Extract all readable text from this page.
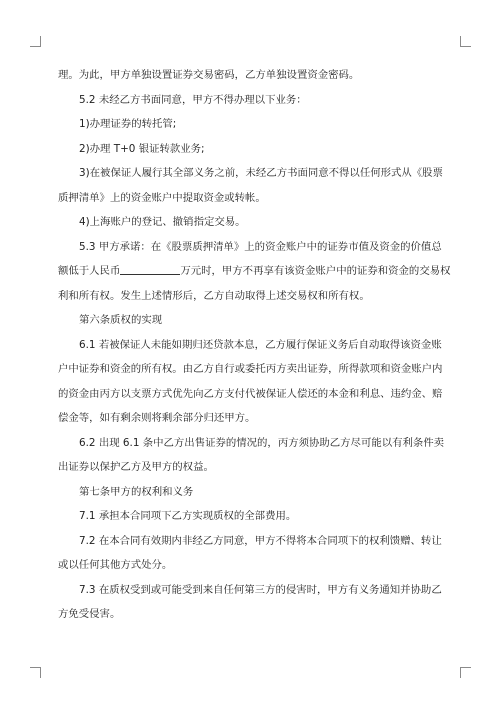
理。为此，甲方单独设置证券交易密码，乙方单独设置资金密码。

5.2 未经乙方书面同意，甲方不得办理以下业务：

1)办理证券的转托管;

2)办理 T+0 银证转款业务;

3)在被保证人履行其全部义务之前，未经乙方书面同意不得以任何形式从《股票
质押清单》上的资金账户中提取资金或转帐。

4)上海账户的登记、撤销指定交易。

5.3 甲方承诺：在《股票质押清单》上的资金账户中的证券市值及资金的价值总
额低于人民币	万元时，甲方不再享有该资金账户中的证券和资金的交易权
利和所有权。发生上述情形后，乙方自动取得上述交易权和所有权。

第六条质权的实现

6.1 若被保证人未能如期归还贷款本息，乙方履行保证义务后自动取得该资金账
户中证券和资金的所有权。由乙方自行或委托丙方卖出证券，所得款项和资金账户内
的资金由丙方以支票方式优先向乙方支付代被保证人偿还的本金和利息、违约金、赔
偿金等，如有剩余则将剩余部分归还甲方。

6.2 出现 6.1 条中乙方出售证券的情况的，丙方须协助乙方尽可能以有利条件卖
出证券以保护乙方及甲方的权益。

第七条甲方的权利和义务

7.1 承担本合同项下乙方实现质权的全部费用。

7.2 在本合同有效期内非经乙方同意，甲方不得将本合同项下的权利馈赠、转让
或以任何其他方式处分。

7.3 在质权受到或可能受到来自任何第三方的侵害时，甲方有义务通知并协助乙
方免受侵害。
